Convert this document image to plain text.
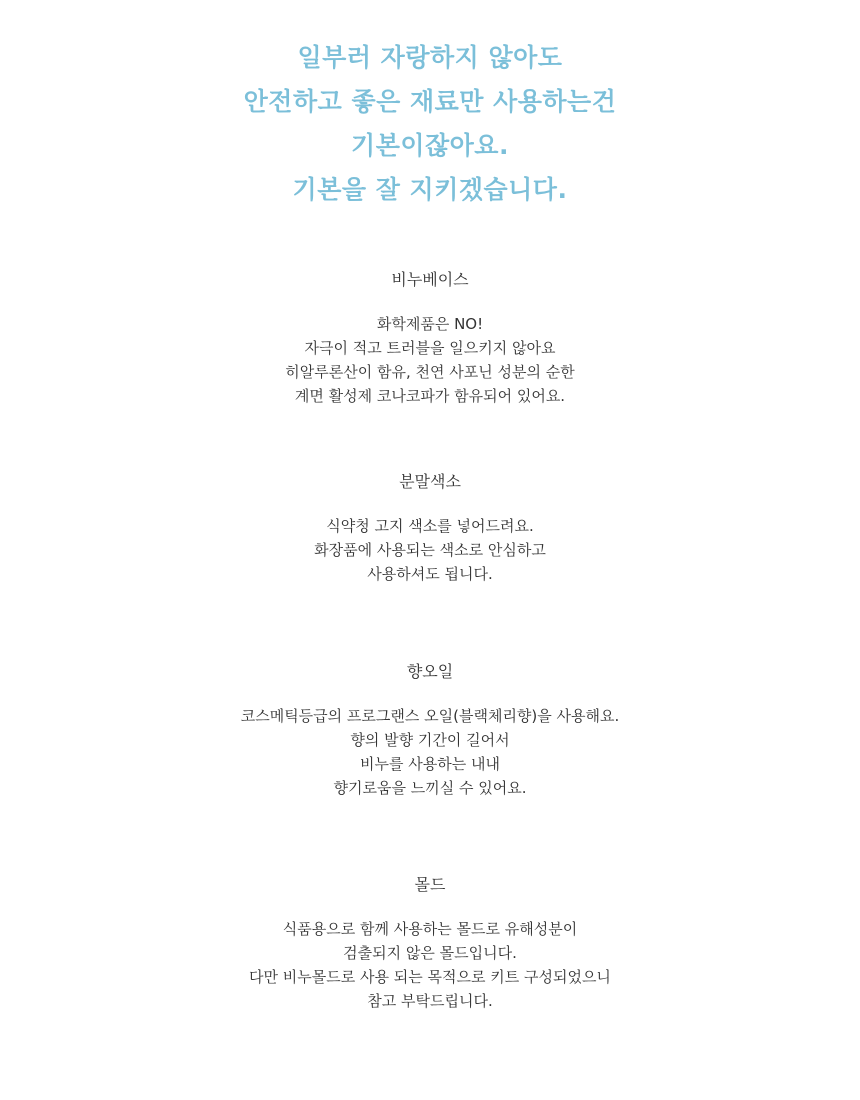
일부러 자랑하지 않아도
안전하고 좋은 재료만 사용하는건
기본이잖아요.
기본을 잘 지키겠습니다.
비누베이스
화학제품은 NO!
자극이 적고 트러블을 일으키지 않아요
히알루론산이 함유, 천연 사포닌 성분의 순한
계면 활성제 코나코파가 함유되어 있어요.
분말색소
식약청 고지 색소를 넣어드려요.
화장품에 사용되는 색소로 안심하고
사용하셔도 됩니다.
향오일
코스메틱등급의 프로그랜스 오일(블랙체리향)을 사용해요.
향의 발향 기간이 길어서
비누를 사용하는 내내
향기로움을 느끼실 수 있어요.
몰드
식품용으로 함께 사용하는 몰드로 유해성분이
검출되지 않은 몰드입니다.
다만 비누몰드로 사용 되는 목적으로 키트 구성되었으니
참고 부탁드립니다.
